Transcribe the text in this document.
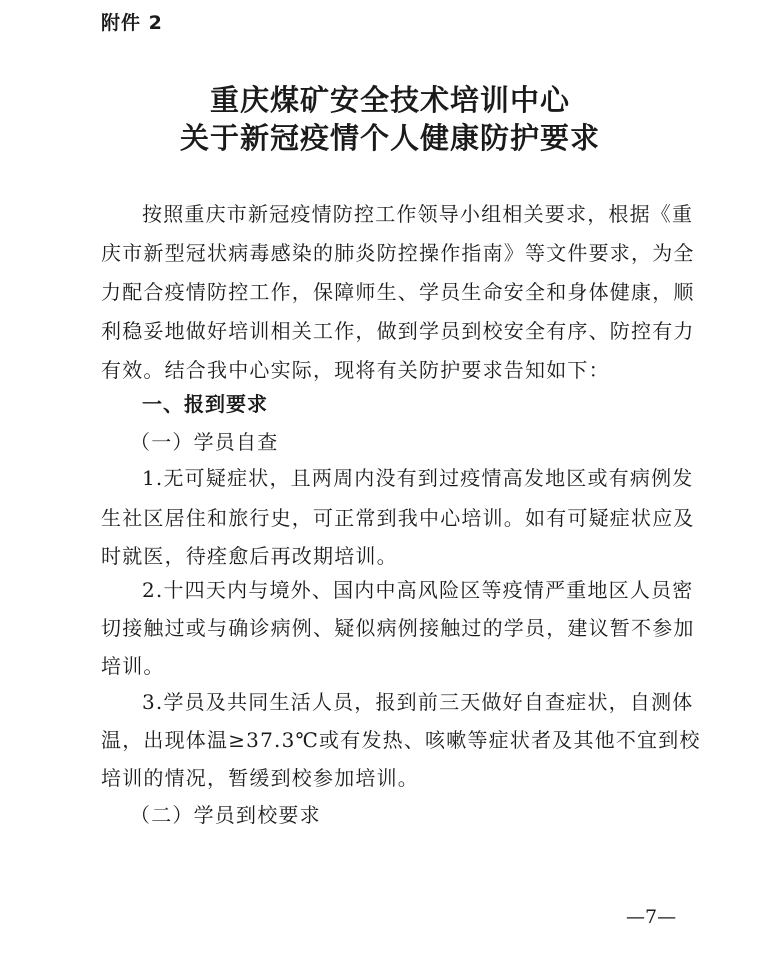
附件 2
重庆煤矿安全技术培训中心
关于新冠疫情个人健康防护要求
按照重庆市新冠疫情防控工作领导小组相关要求，根据《重
庆市新型冠状病毒感染的肺炎防控操作指南》等文件要求，为全
力配合疫情防控工作，保障师生、学员生命安全和身体健康，顺
利稳妥地做好培训相关工作，做到学员到校安全有序、防控有力
有效。结合我中心实际，现将有关防护要求告知如下：
一、报到要求
（一）学员自查
1.无可疑症状，且两周内没有到过疫情高发地区或有病例发
生社区居住和旅行史，可正常到我中心培训。如有可疑症状应及
时就医，待痊愈后再改期培训。
2.十四天内与境外、国内中高风险区等疫情严重地区人员密
切接触过或与确诊病例、疑似病例接触过的学员，建议暂不参加
培训。
3.学员及共同生活人员，报到前三天做好自查症状，自测体
温，出现体温≥37.3℃或有发热、咳嗽等症状者及其他不宜到校
培训的情况，暂缓到校参加培训。
（二）学员到校要求
—7—
